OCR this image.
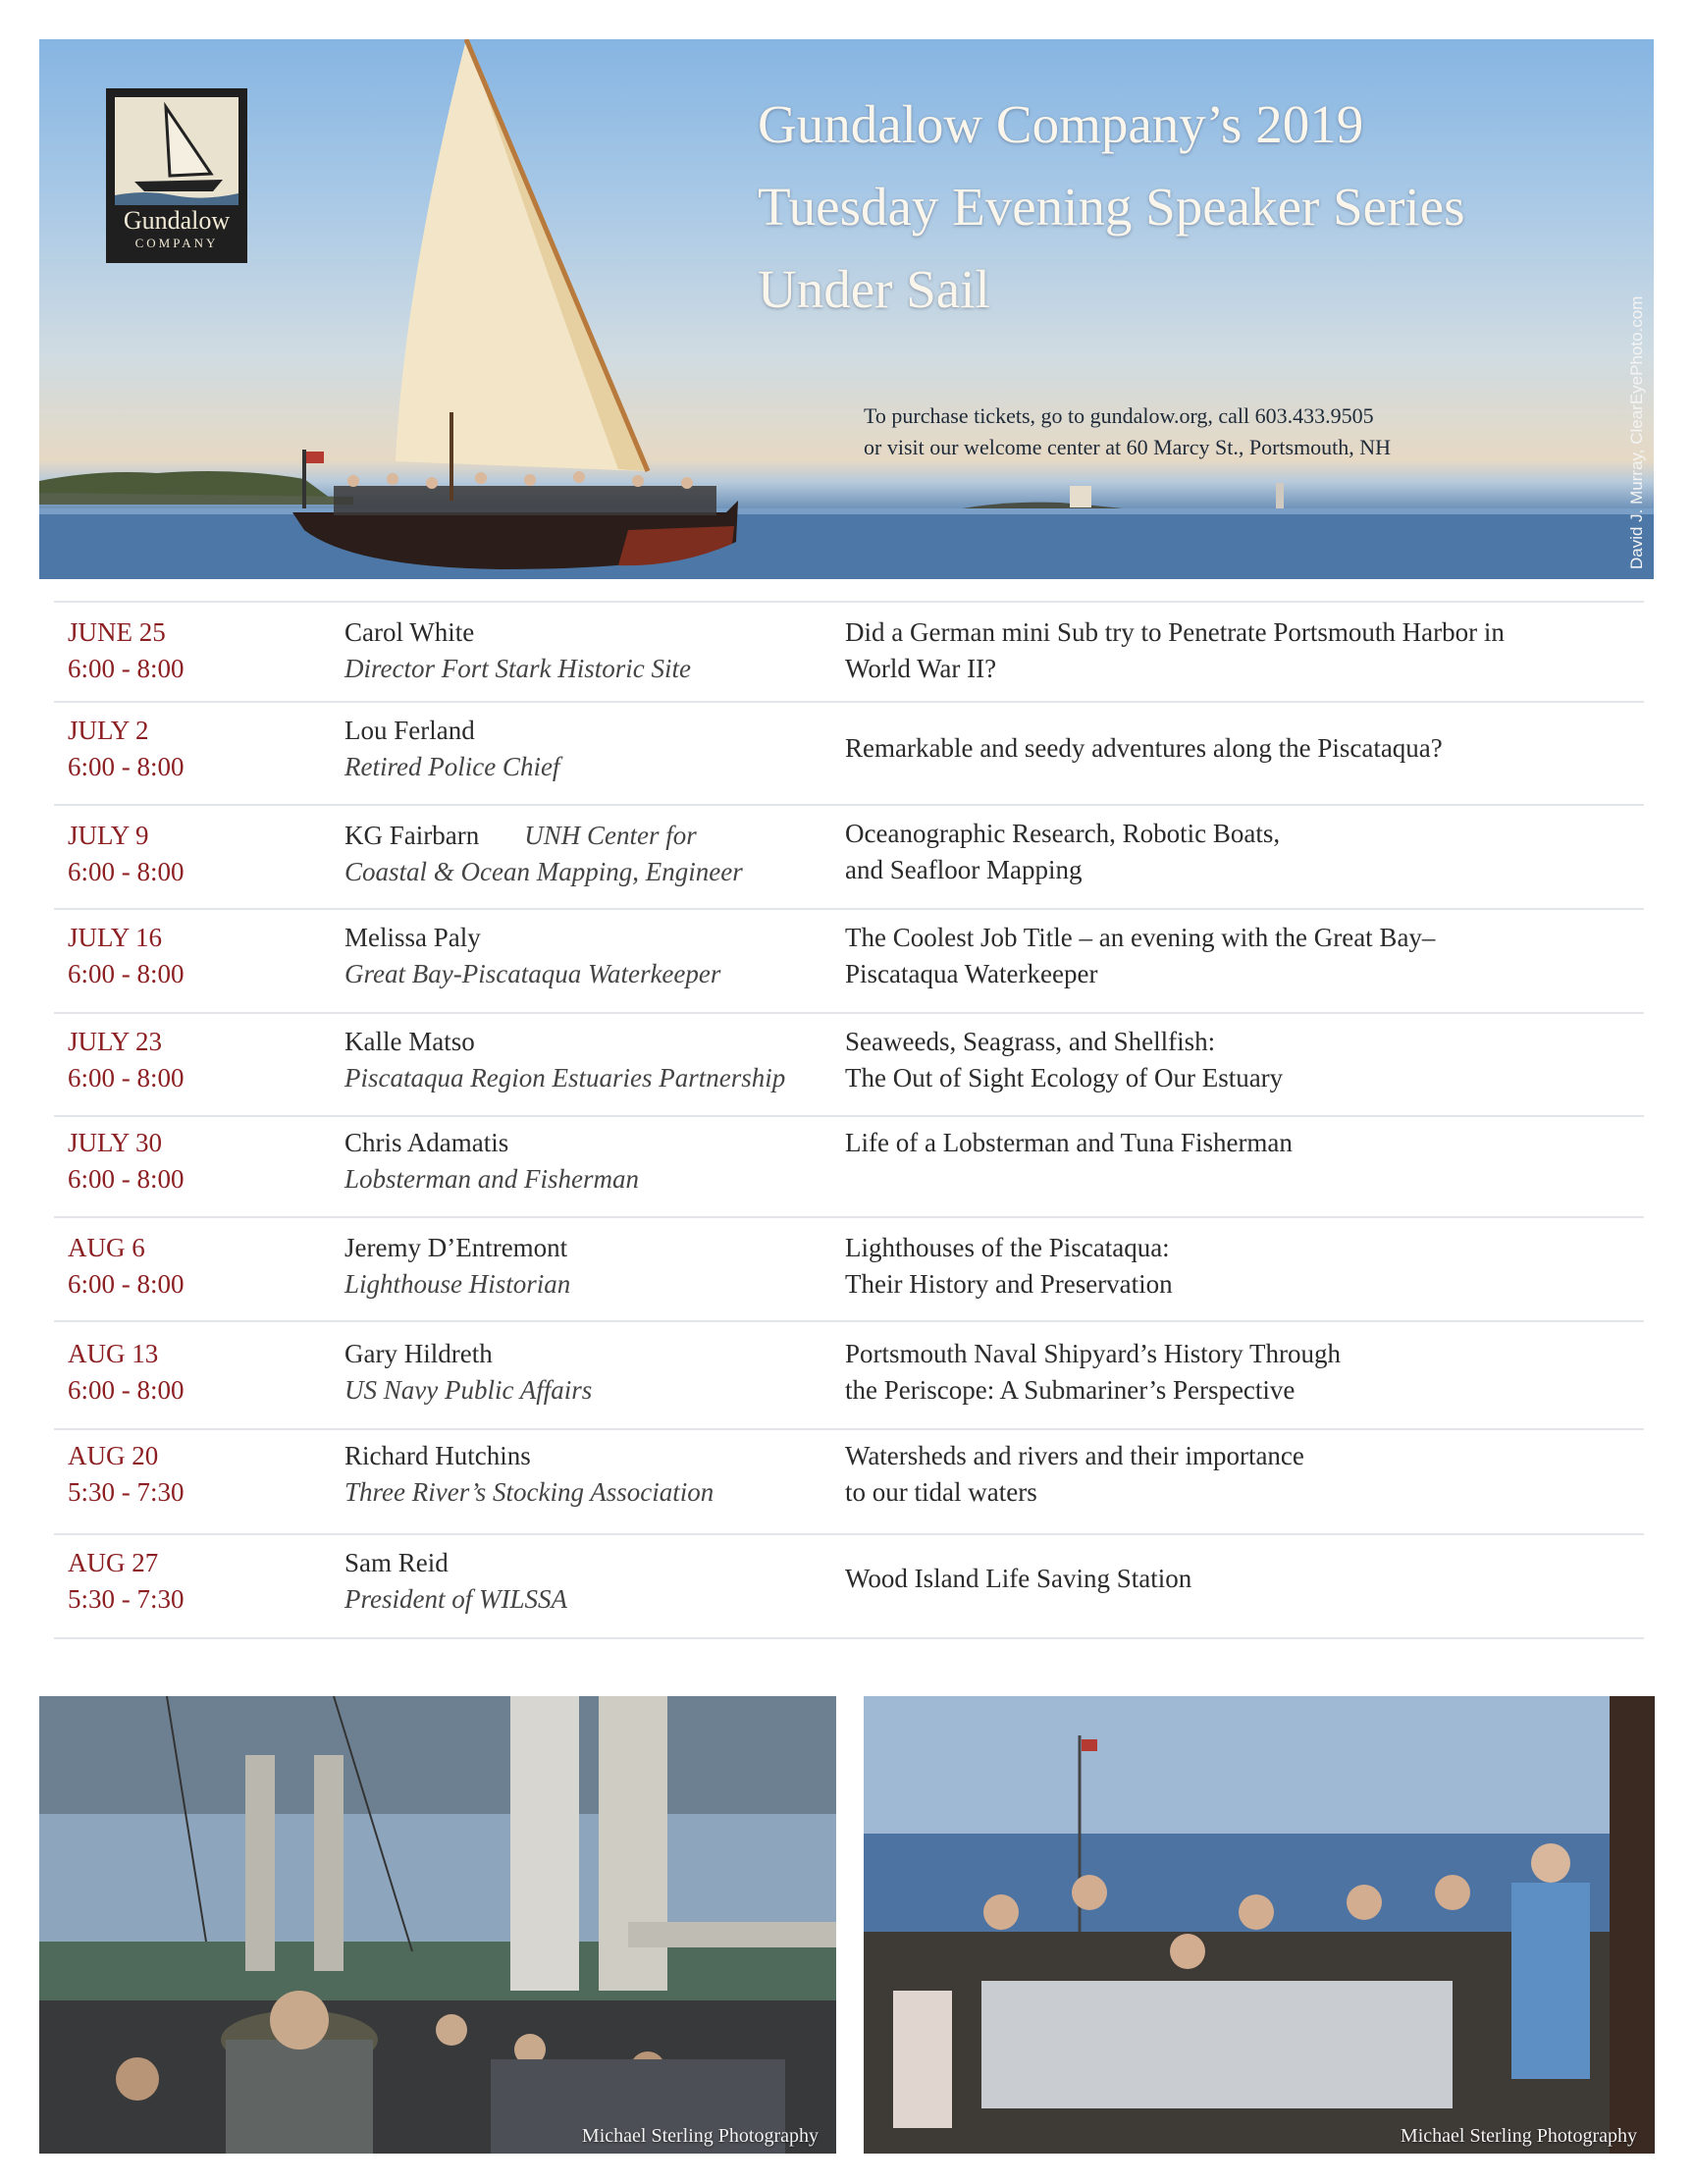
Gundalow
COMPANY
Gundalow Company’s 2019
Tuesday Evening Speaker Series
Under Sail
To purchase tickets, go to gundalow.org, call 603.433.9505
or visit our welcome center at 60 Marcy St., Portsmouth, NH	David J. Murray, ClearEyePhoto.com
JUNE 25
6:00 - 8:00
Carol White
Director Fort Stark Historic Site
Did a German mini Sub try to Penetrate Portsmouth Harbor in
World War II?
JULY 2
6:00 - 8:00
Lou Ferland
Retired Police Chief
Remarkable and seedy adventures along the Piscataqua?
JULY 9
6:00 - 8:00
KG Fairbarn UNH Center for
Coastal & Ocean Mapping, Engineer
Oceanographic Research, Robotic Boats,
and Seafloor Mapping
JULY 16
6:00 - 8:00
Melissa Paly
Great Bay-Piscataqua Waterkeeper
The Coolest Job Title – an evening with the Great Bay–
Piscataqua Waterkeeper
JULY 23
6:00 - 8:00
Kalle Matso
Piscataqua Region Estuaries Partnership
Seaweeds, Seagrass, and Shellfish:
The Out of Sight Ecology of Our Estuary
JULY 30
6:00 - 8:00
Chris Adamatis
Lobsterman and Fisherman
Life of a Lobsterman and Tuna Fisherman
AUG 6
6:00 - 8:00
Jeremy D’Entremont
Lighthouse Historian
Lighthouses of the Piscataqua:
Their History and Preservation
AUG 13
6:00 - 8:00
Gary Hildreth
US Navy Public Affairs
Portsmouth Naval Shipyard’s History Through
the Periscope: A Submariner’s Perspective
AUG 20
5:30 - 7:30
Richard Hutchins
Three River’s Stocking Association
Watersheds and rivers and their importance
to our tidal waters
AUG 27
5:30 - 7:30
Sam Reid
President of WILSSA
Wood Island Life Saving Station
Michael Sterling Photography	Michael Sterling Photography
